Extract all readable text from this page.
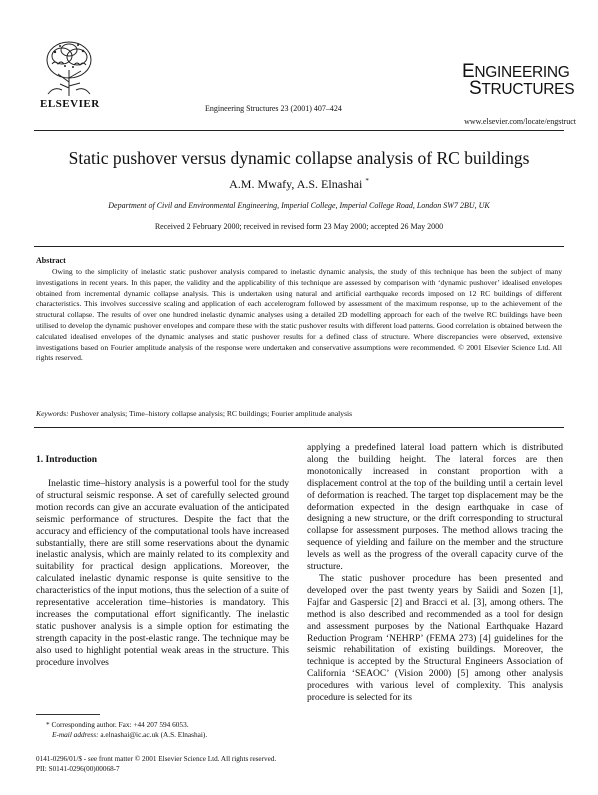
ELSEVIER	Engineering Structures 23 (2001) 407–424
ENGINEERING
STRUCTURES
www.elsevier.com/locate/engstruct
Static pushover versus dynamic collapse analysis of RC buildings
A.M. Mwafy, A.S. Elnashai *
Department of Civil and Environmental Engineering, Imperial College, Imperial College Road, London SW7 2BU, UK
Received 2 February 2000; received in revised form 23 May 2000; accepted 26 May 2000
Abstract

Owing to the simplicity of inelastic static pushover analysis compared to inelastic dynamic analysis, the study of this technique has been the subject of many investigations in recent years. In this paper, the validity and the applicability of this technique are assessed by comparison with ‘dynamic pushover’ idealised envelopes obtained from incremental dynamic collapse analysis. This is undertaken using natural and artificial earthquake records imposed on 12 RC buildings of different characteristics. This involves successive scaling and application of each accelerogram followed by assessment of the maximum response, up to the achievement of the structural collapse. The results of over one hundred inelastic dynamic analyses using a detailed 2D modelling approach for each of the twelve RC buildings have been utilised to develop the dynamic pushover envelopes and compare these with the static pushover results with different load patterns. Good correlation is obtained between the calculated idealised envelopes of the dynamic analyses and static pushover results for a defined class of structure. Where discrepancies were observed, extensive investigations based on Fourier amplitude analysis of the response were undertaken and conservative assumptions were recommended. © 2001 Elsevier Science Ltd. All rights reserved.

Keywords: Pushover analysis; Time–history collapse analysis; RC buildings; Fourier amplitude analysis
1. Introduction

Inelastic time–history analysis is a powerful tool for the study of structural seismic response. A set of carefully selected ground motion records can give an accurate evaluation of the anticipated seismic performance of structures. Despite the fact that the accuracy and efficiency of the computational tools have increased substantially, there are still some reservations about the dynamic inelastic analysis, which are mainly related to its complexity and suitability for practical design applications. Moreover, the calculated inelastic dynamic response is quite sensitive to the characteristics of the input motions, thus the selection of a suite of representative acceleration time–histories is mandatory. This increases the computational effort significantly. The inelastic static pushover analysis is a simple option for estimating the strength capacity in the post-elastic range. The technique may be also used to highlight potential weak areas in the structure. This procedure involves

applying a predefined lateral load pattern which is distributed along the building height. The lateral forces are then monotonically increased in constant proportion with a displacement control at the top of the building until a certain level of deformation is reached. The target top displacement may be the deformation expected in the design earthquake in case of designing a new structure, or the drift corresponding to structural collapse for assessment purposes. The method allows tracing the sequence of yielding and failure on the member and the structure levels as well as the progress of the overall capacity curve of the structure.

The static pushover procedure has been presented and developed over the past twenty years by Saiidi and Sozen [1], Fajfar and Gaspersic [2] and Bracci et al. [3], among others. The method is also described and recommended as a tool for design and assessment purposes by the National Earthquake Hazard Reduction Program ‘NEHRP’ (FEMA 273) [4] guidelines for the seismic rehabilitation of existing buildings. Moreover, the technique is accepted by the Structural Engineers Association of California ‘SEAOC’ (Vision 2000) [5] among other analysis procedures with various level of complexity. This analysis procedure is selected for its

* Corresponding author. Fax: +44 207 594 6053.
E-mail address: a.elnashai@ic.ac.uk (A.S. Elnashai).
0141-0296/01/$ - see front matter © 2001 Elsevier Science Ltd. All rights reserved.
PII: S0141-0296(00)00068-7
